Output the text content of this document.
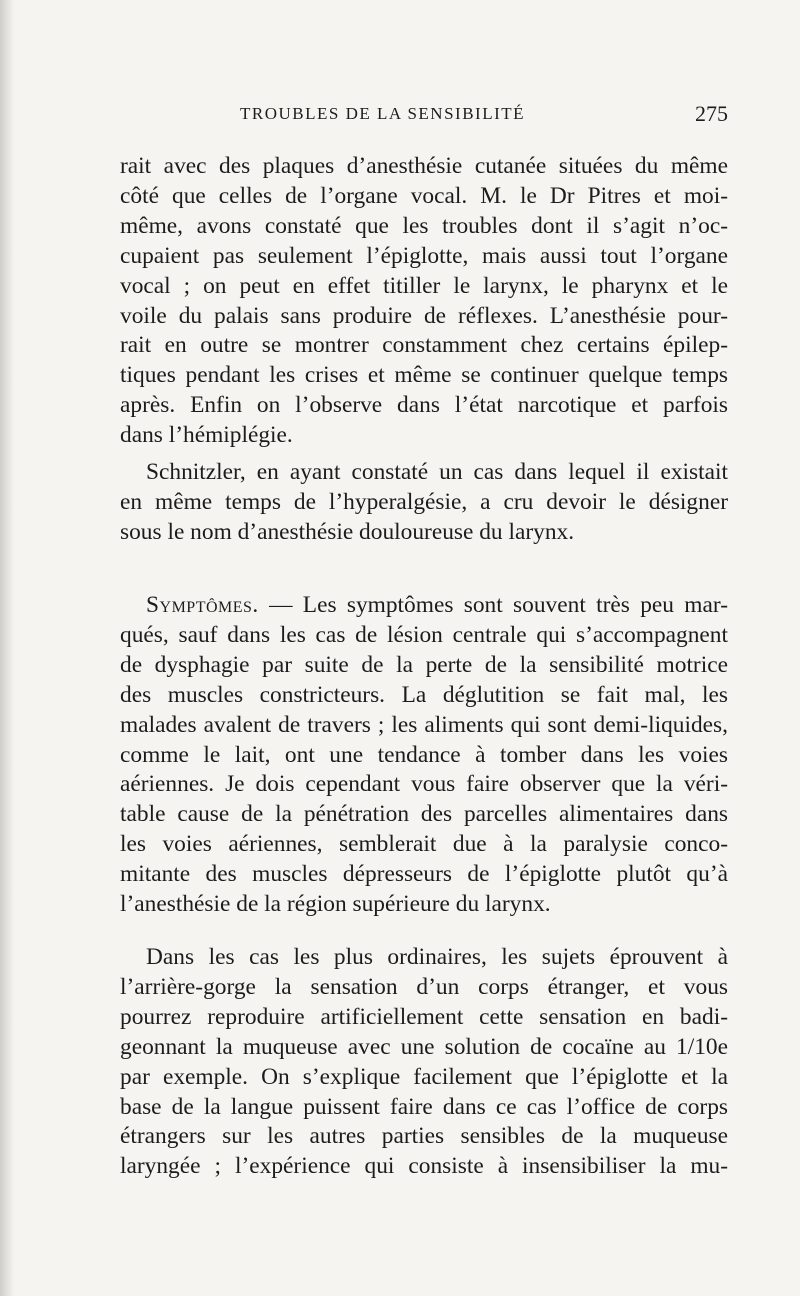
TROUBLES DE LA SENSIBILITÉ	275

rait avec des plaques d’anesthésie cutanée situées du même
côté que celles de l’organe vocal. M. le Dr Pitres et moi-
même, avons constaté que les troubles dont il s’agit n’oc-
cupaient pas seulement l’épiglotte, mais aussi tout l’organe
vocal ; on peut en effet titiller le larynx, le pharynx et le
voile du palais sans produire de réflexes. L’anesthésie pour-
rait en outre se montrer constamment chez certains épilep-
tiques pendant les crises et même se continuer quelque temps
après. Enfin on l’observe dans l’état narcotique et parfois
dans l’hémiplégie.

Schnitzler, en ayant constaté un cas dans lequel il existait
en même temps de l’hyperalgésie, a cru devoir le désigner
sous le nom d’anesthésie douloureuse du larynx.

Symptômes. — Les symptômes sont souvent très peu mar-
qués, sauf dans les cas de lésion centrale qui s’accompagnent
de dysphagie par suite de la perte de la sensibilité motrice
des muscles constricteurs. La déglutition se fait mal, les
malades avalent de travers ; les aliments qui sont demi-liquides,
comme le lait, ont une tendance à tomber dans les voies
aériennes. Je dois cependant vous faire observer que la véri-
table cause de la pénétration des parcelles alimentaires dans
les voies aériennes, semblerait due à la paralysie conco-
mitante des muscles dépresseurs de l’épiglotte plutôt qu’à
l’anesthésie de la région supérieure du larynx.

Dans les cas les plus ordinaires, les sujets éprouvent à
l’arrière-gorge la sensation d’un corps étranger, et vous
pourrez reproduire artificiellement cette sensation en badi-
geonnant la muqueuse avec une solution de cocaïne au 1/10e
par exemple. On s’explique facilement que l’épiglotte et la
base de la langue puissent faire dans ce cas l’office de corps
étrangers sur les autres parties sensibles de la muqueuse
laryngée ; l’expérience qui consiste à insensibiliser la mu-
